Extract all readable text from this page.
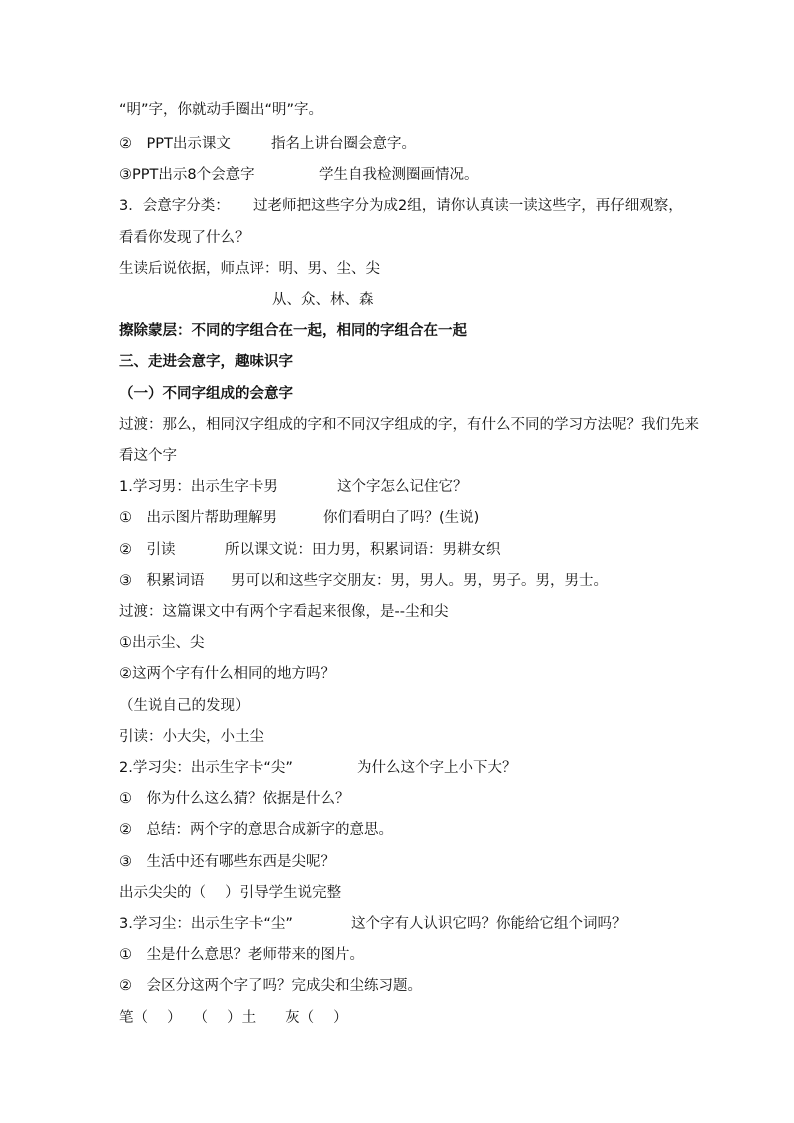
“明”字，你就动手圈出“明”字。
②　PPT出示课文	指名上讲台圈会意字。
③PPT出示8个会意字	学生自我检测圈画情况。
3．会意字分类： 过老师把这些字分为成2组，请你认真读一读这些字，再仔细观察，
看看你发现了什么？
生读后说依据，师点评：明、男、尘、尖
从、众、林、森
擦除蒙层：不同的字组合在一起，相同的字组合在一起
三、走进会意字，趣味识字
（一）不同字组成的会意字
过渡：那么，相同汉字组成的字和不同汉字组成的字，有什么不同的学习方法呢？我们先来
看这个字
1.学习男：出示生字卡男	这个字怎么记住它？
①　出示图片帮助理解男	你们看明白了吗？(生说)
②　引读	所以课文说：田力男，积累词语：男耕女织
③　积累词语 男可以和这些字交朋友：男，男人。男，男子。男，男士。
过渡：这篇课文中有两个字看起来很像，是--尘和尖
①出示尘、尖
②这两个字有什么相同的地方吗？
（生说自己的发现）
引读：小大尖，小土尘
2.学习尖：出示生字卡“尖”	为什么这个字上小下大？
①　你为什么这么猜？依据是什么？
②　总结：两个字的意思合成新字的意思。
③　生活中还有哪些东西是尖呢？
出示尖尖的（　 ）引导学生说完整
3.学习尘：出示生字卡“尘”	这个字有人认识它吗？你能给它组个词吗？
①　尘是什么意思？老师带来的图片。
②　会区分这两个字了吗？完成尖和尘练习题。
笔（　 ）　 （　 ）土　　灰（　 ）
